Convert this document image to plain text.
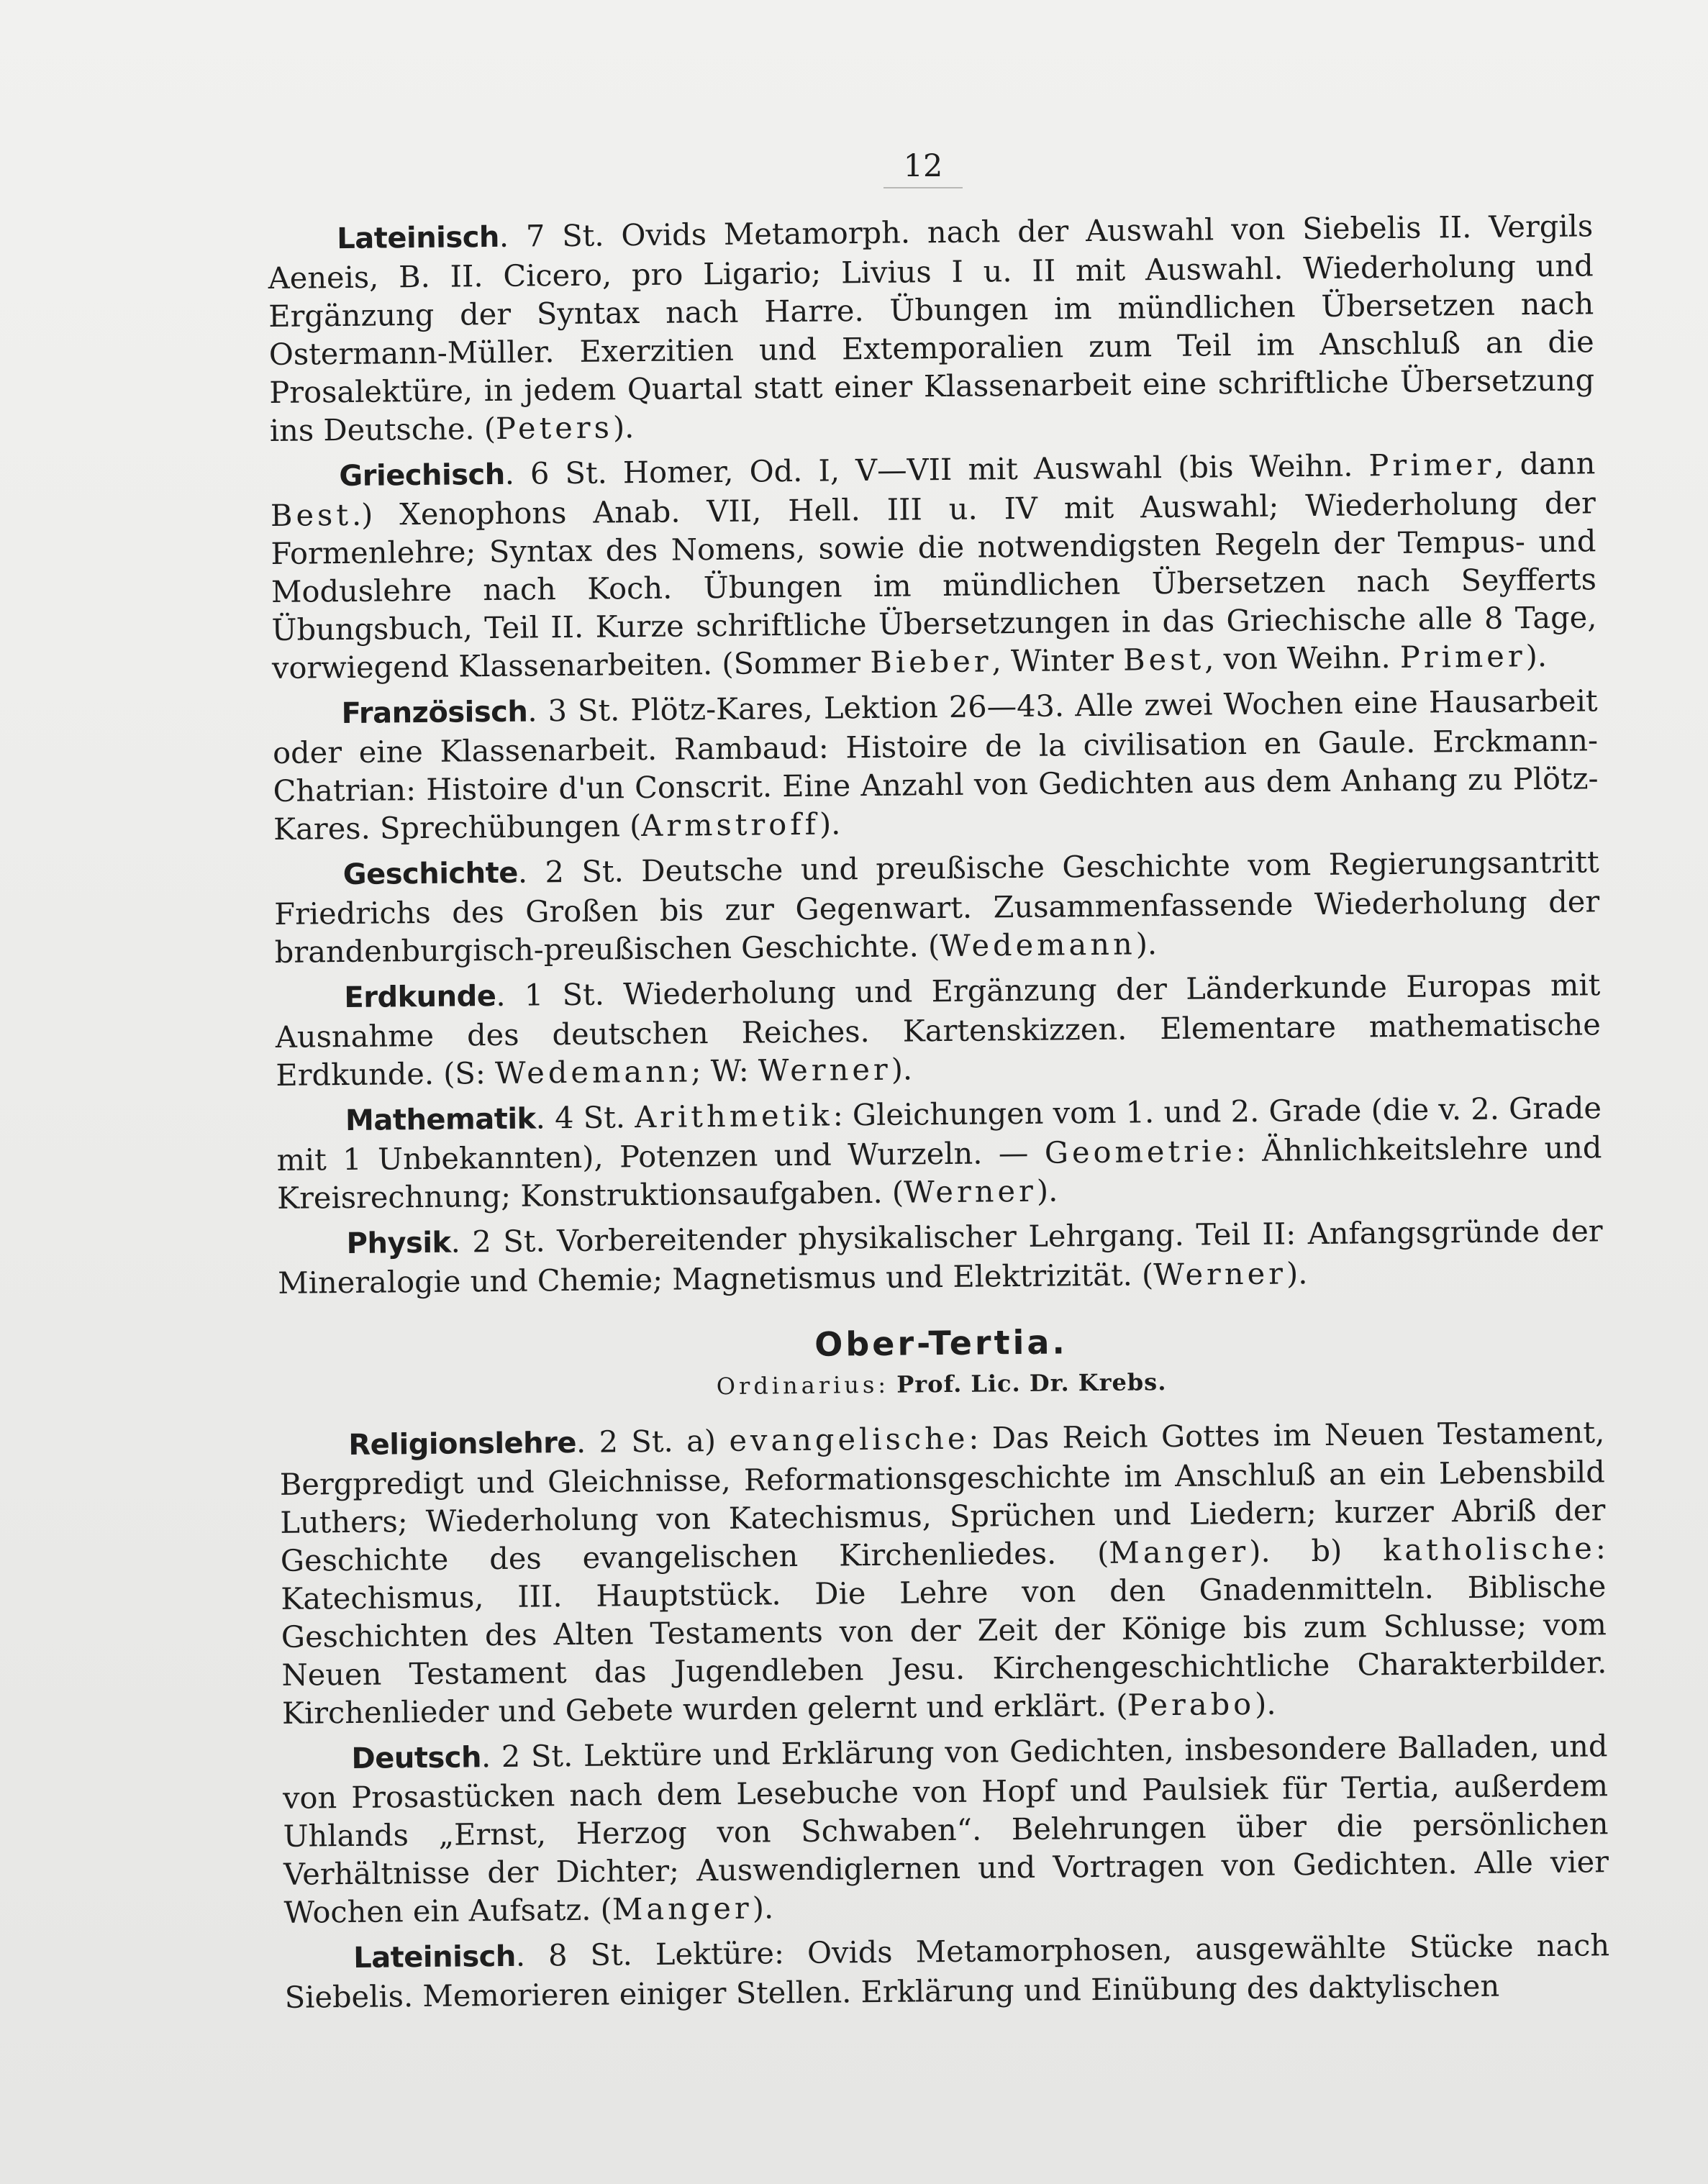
12

Lateinisch. 7 St. Ovids Metamorph. nach der Auswahl von Siebelis II. Vergils Aeneis, B. II. Cicero, pro Ligario; Livius I u. II mit Auswahl. Wiederholung und Ergänzung der Syntax nach Harre. Übungen im mündlichen Übersetzen nach Ostermann-Müller. Exerzitien und Extemporalien zum Teil im Anschluß an die Prosalektüre, in jedem Quartal statt einer Klassenarbeit eine schriftliche Übersetzung ins Deutsche. (Peters).

Griechisch. 6 St. Homer, Od. I, V—VII mit Auswahl (bis Weihn. Primer, dann Best.) Xenophons Anab. VII, Hell. III u. IV mit Auswahl; Wiederholung der Formenlehre; Syntax des Nomens, sowie die notwendigsten Regeln der Tempus- und Moduslehre nach Koch. Übungen im mündlichen Übersetzen nach Seyfferts Übungsbuch, Teil II. Kurze schriftliche Übersetzungen in das Griechische alle 8 Tage, vorwiegend Klassenarbeiten. (Sommer Bieber, Winter Best, von Weihn. Primer).

Französisch. 3 St. Plötz-Kares, Lektion 26—43. Alle zwei Wochen eine Hausarbeit oder eine Klassenarbeit. Rambaud: Histoire de la civilisation en Gaule. Erckmann-Chatrian: Histoire d'un Conscrit. Eine Anzahl von Gedichten aus dem Anhang zu Plötz-Kares. Sprechübungen (Armstroff).

Geschichte. 2 St. Deutsche und preußische Geschichte vom Regierungsantritt Friedrichs des Großen bis zur Gegenwart. Zusammenfassende Wiederholung der brandenburgisch-preußischen Geschichte. (Wedemann).

Erdkunde. 1 St. Wiederholung und Ergänzung der Länderkunde Europas mit Ausnahme des deutschen Reiches. Kartenskizzen. Elementare mathematische Erdkunde. (S: Wedemann; W: Werner).

Mathematik. 4 St. Arithmetik: Gleichungen vom 1. und 2. Grade (die v. 2. Grade mit 1 Unbekannten), Potenzen und Wurzeln. — Geometrie: Ähnlichkeitslehre und Kreisrechnung; Konstruktionsaufgaben. (Werner).

Physik. 2 St. Vorbereitender physikalischer Lehrgang. Teil II: Anfangsgründe der Mineralogie und Chemie; Magnetismus und Elektrizität. (Werner).

Ober-Tertia.

Ordinarius: Prof. Lic. Dr. Krebs.

Religionslehre. 2 St. a) evangelische: Das Reich Gottes im Neuen Testament, Bergpredigt und Gleichnisse, Reformationsgeschichte im Anschluß an ein Lebensbild Luthers; Wiederholung von Katechismus, Sprüchen und Liedern; kurzer Abriß der Geschichte des evangelischen Kirchenliedes. (Manger). b) katholische: Katechismus, III. Hauptstück. Die Lehre von den Gnadenmitteln. Biblische Geschichten des Alten Testaments von der Zeit der Könige bis zum Schlusse; vom Neuen Testament das Jugendleben Jesu. Kirchengeschichtliche Charakterbilder. Kirchenlieder und Gebete wurden gelernt und erklärt. (Perabo).

Deutsch. 2 St. Lektüre und Erklärung von Gedichten, insbesondere Balladen, und von Prosastücken nach dem Lesebuche von Hopf und Paulsiek für Tertia, außerdem Uhlands „Ernst, Herzog von Schwaben“. Belehrungen über die persönlichen Verhältnisse der Dichter; Auswendiglernen und Vortragen von Gedichten. Alle vier Wochen ein Aufsatz. (Manger).

Lateinisch. 8 St. Lektüre: Ovids Metamorphosen, ausgewählte Stücke nach Siebelis. Memorieren einiger Stellen. Erklärung und Einübung des daktylischen
